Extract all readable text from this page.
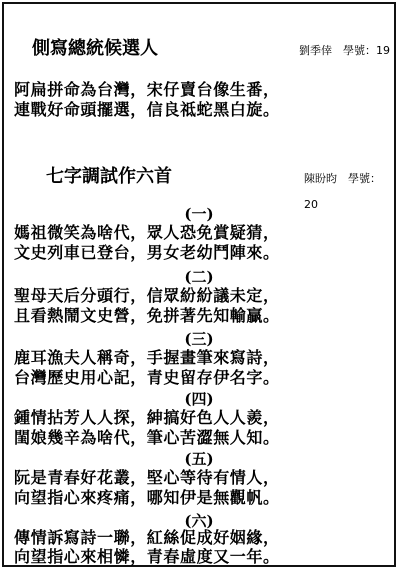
側寫總統候選人	劉季倖　學號：19
阿扁拼命為台灣，宋仔賣台像生番，
連戰好命頭擺選，信良祗蛇黑白旋。
七字調試作六首	陳盼昀　學號：20
(一)
媽祖微笑為啥代，眾人恐免賞疑猜，
文史列車已登台，男女老幼鬥陣來。
(二)
聖母天后分頭行，信眾紛紛議未定，
且看熱鬧文史營，免拼著先知輸贏。
(三)
鹿耳漁夫人稱奇，手握畫筆來寫詩，
台灣歷史用心記，青史留存伊名字。
(四)
鍾情拈芳人人探，紳搞好色人人羨，
閨娘幾辛為啥代，筆心苦澀無人知。
(五)
阮是青春好花叢，堅心等待有情人，
向望指心來疼痛，哪知伊是無觀帆。
(六)
傳情訴寫詩一聯，紅絲促成好姻緣，
向望指心來相憐，青春虛度又一年。
